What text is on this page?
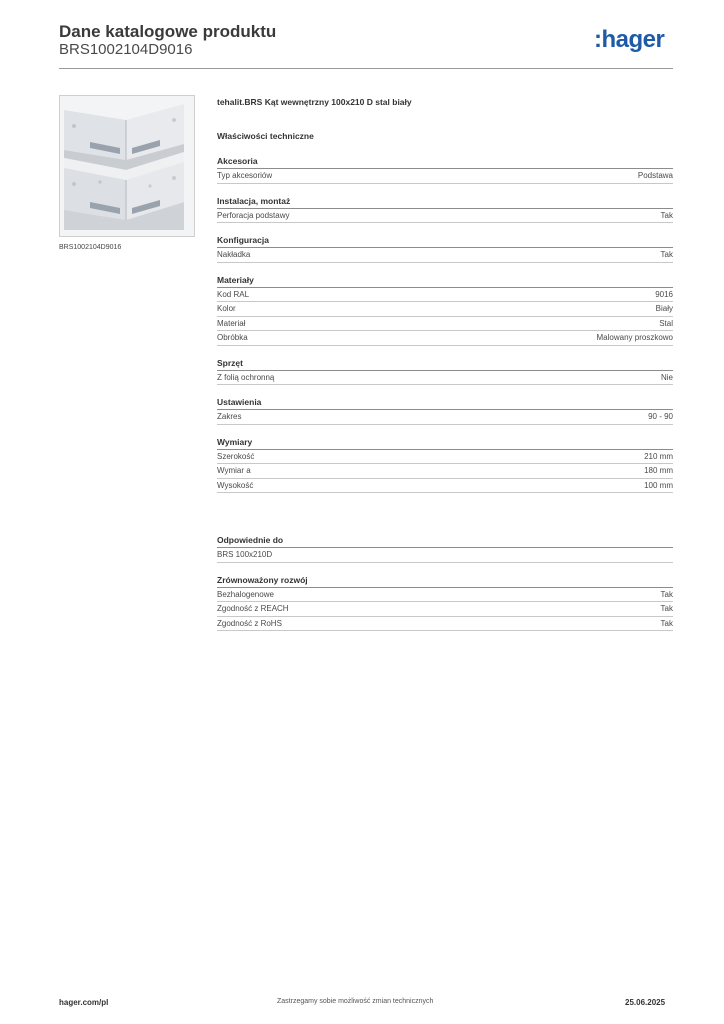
Dane katalogowe produktu
BRS1002104D9016	:hager
BRS1002104D9016
tehalit.BRS Kąt wewnętrzny 100x210 D stal biały
Właściwości techniczne
Akcesoria
Typ akcesoriów	Podstawa
Instalacja, montaż
Perforacja podstawy	Tak
Konfiguracja
Nakładka	Tak
Materiały
Kod RAL	9016
Kolor	Biały
Materiał	Stal
Obróbka	Malowany proszkowo
Sprzęt
Z folią ochronną	Nie
Ustawienia
Zakres	90 - 90
Wymiary
Szerokość	210 mm
Wymiar a	180 mm
Wysokość	100 mm
Odpowiednie do
BRS 100x210D
Zrównoważony rozwój
Bezhalogenowe	Tak
Zgodność z REACH	Tak
Zgodność z RoHS	Tak
hager.com/pl	Zastrzegamy sobie możliwość zmian technicznych	25.06.2025
